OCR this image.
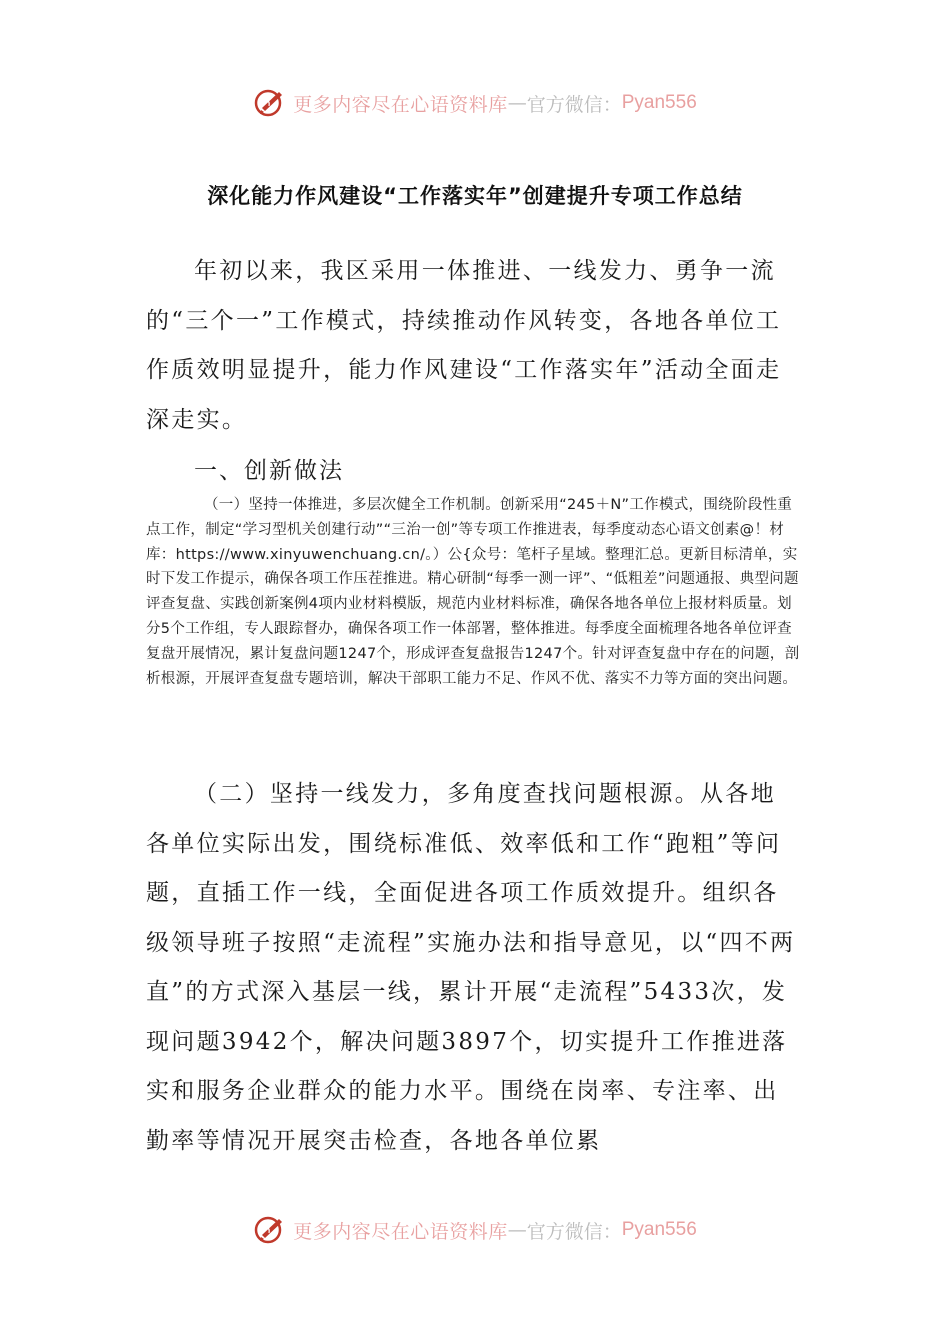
更多内容尽在心语资料库 — 官方微信： Pyan556
深化能力作风建设“工作落实年”创建提升专项工作总结

年初以来，我区采用一体推进、一线发力、勇争一流的“三个一”工作模式，持续推动作风转变，各地各单位工作质效明显提升，能力作风建设“工作落实年”活动全面走深走实。

一、创新做法

（一）坚持一体推进，多层次健全工作机制。创新采用“245＋N”工作模式，围绕阶段性重点工作，制定“学习型机关创建行动”“三治一创”等专项工作推进表，每季度动态心语文创素@！材库：https://www.xinyuwenchuang.cn/。）公{众号：笔杆子星域。整理汇总。更新目标清单，实时下发工作提示，确保各项工作压茬推进。精心研制“每季一测一评”、“低粗差”问题通报、典型问题评查复盘、实践创新案例4项内业材料模版，规范内业材料标准，确保各地各单位上报材料质量。划分5个工作组，专人跟踪督办，确保各项工作一体部署，整体推进。每季度全面梳理各地各单位评查复盘开展情况，累计复盘问题1247个，形成评查复盘报告1247个。针对评查复盘中存在的问题，剖析根源，开展评查复盘专题培训，解决干部职工能力不足、作风不优、落实不力等方面的突出问题。

（二）坚持一线发力，多角度查找问题根源。从各地各单位实际出发，围绕标准低、效率低和工作“跑粗”等问题，直插工作一线，全面促进各项工作质效提升。组织各级领导班子按照“走流程”实施办法和指导意见，以“四不两直”的方式深入基层一线，累计开展“走流程”5433次，发现问题3942个，解决问题3897个，切实提升工作推进落实和服务企业群众的能力水平。围绕在岗率、专注率、出勤率等情况开展突击检查，各地各单位累

更多内容尽在心语资料库 — 官方微信： Pyan556
